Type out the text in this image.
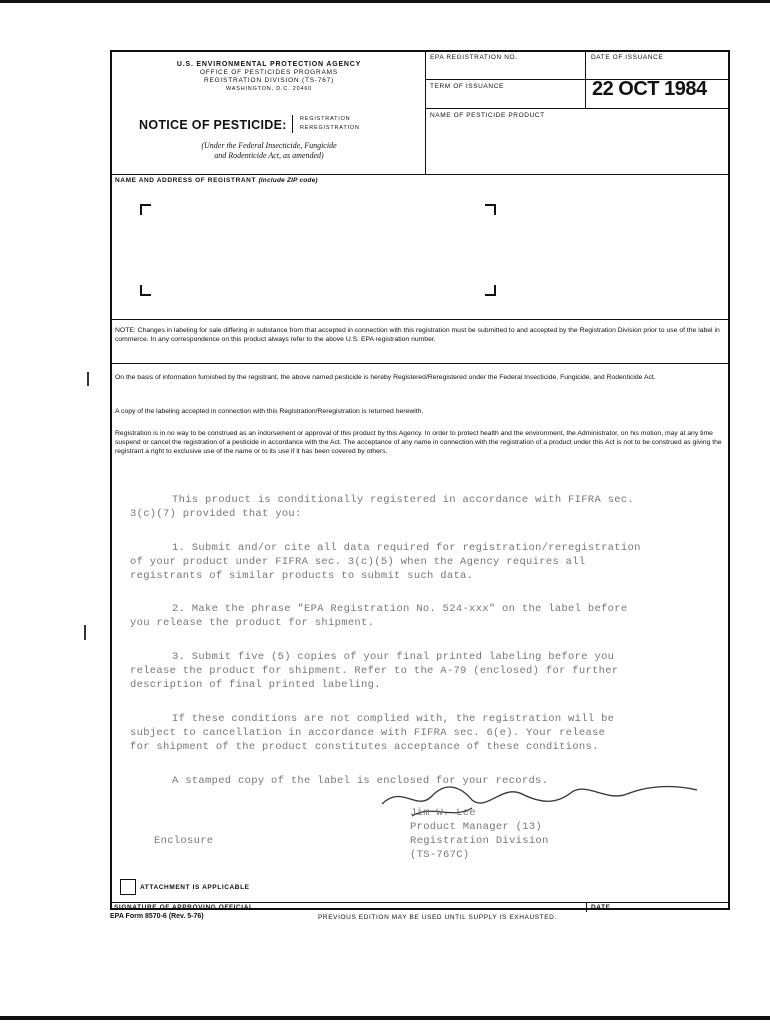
U.S. ENVIRONMENTAL PROTECTION AGENCY
OFFICE OF PESTICIDES PROGRAMS
REGISTRATION DIVISION (TS-767)
WASHINGTON, D.C. 20460
NOTICE OF PESTICIDE: REGISTRATION
REREGISTRATION
(Under the Federal Insecticide, Fungicide
and Rodenticide Act, as amended)
EPA REGISTRATION NO.	DATE OF ISSUANCE
TERM OF ISSUANCE	22 OCT 1984
NAME OF PESTICIDE PRODUCT
NAME AND ADDRESS OF REGISTRANT (Include ZIP code)
NOTE: Changes in labeling for sale differing in substance from that accepted in connection with this registration must be submitted to and accepted by the Registration Division prior to use of the label in commerce. In any correspondence on this product always refer to the above U.S. EPA registration number.
On the basis of information furnished by the registrant, the above named pesticide is hereby Registered/Reregistered under the Federal Insecticide, Fungicide, and Rodenticide Act.
A copy of the labeling accepted in connection with this Registration/Reregistration is returned herewith.
Registration is in no way to be construed as an indorsement or approval of this product by this Agency. In order to protect health and the environment, the Administrator, on his motion, may at any time suspend or cancel the registration of a pesticide in accordance with the Act. The acceptance of any name in connection with the registration of a product under this Act is not to be construed as giving the registrant a right to exclusive use of the name or to its use if it has been covered by others.
This product is conditionally registered in accordance with FIFRA sec.
3(c)(7) provided that you:
1. Submit and/or cite all data required for registration/reregistration
of your product under FIFRA sec. 3(c)(5) when the Agency requires all
registrants of similar products to submit such data.
2. Make the phrase "EPA Registration No. 524-xxx" on the label before
you release the product for shipment.
3. Submit five (5) copies of your final printed labeling before you
release the product for shipment. Refer to the A-79 (enclosed) for further
description of final printed labeling.
If these conditions are not complied with, the registration will be
subject to cancellation in accordance with FIFRA sec. 6(e). Your release
for shipment of the product constitutes acceptance of these conditions.
A stamped copy of the label is enclosed for your records.
Jim W. Lee
Product Manager (13)
Registration Division
(TS-767C)
Enclosure
ATTACHMENT IS APPLICABLE
SIGNATURE OF APPROVING OFFICIAL	DATE
EPA Form 8570-6 (Rev. 5-76)	PREVIOUS EDITION MAY BE USED UNTIL SUPPLY IS EXHAUSTED.
